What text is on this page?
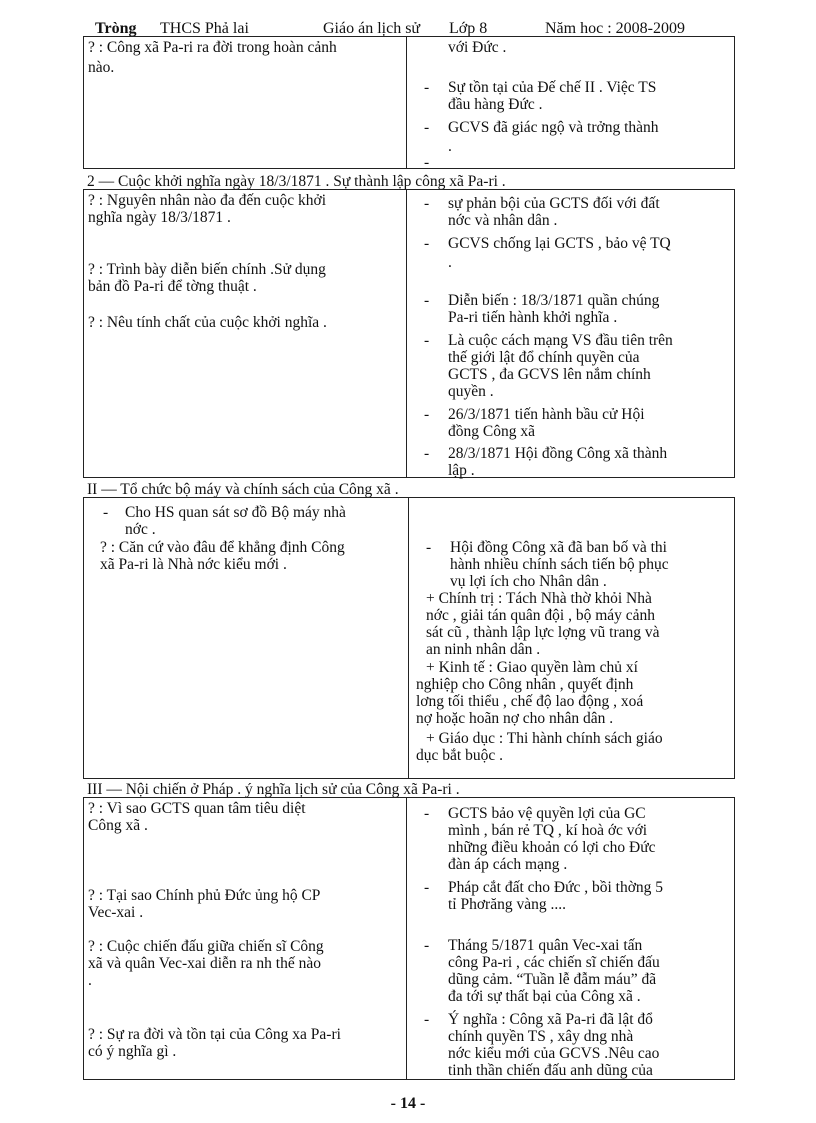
Tròng THCS Phả lai	Giáo án lịch sử Lớp 8	Năm hoc : 2008-2009
? : Công xã Pa-ri ra đời trong hoàn cảnh
nào.
với Đức .
- Sự tồn tại của Đế chế II . Việc TS
đầu hàng Đức .
- GCVS đã giác ngộ và trởng thành
.
-
2 — Cuộc khởi nghĩa ngày 18/3/1871 . Sự thành lập công xã Pa-ri .
? : Nguyên nhân nào đa đến cuộc khởi
nghĩa ngày 18/3/1871 .
? : Trình bày diễn biến chính .Sử dụng
bản đồ Pa-ri để tờng thuật .
? : Nêu tính chất của cuộc khởi nghĩa .
- sự phản bội của GCTS đối với đất
nớc và nhân dân .
- GCVS chống lại GCTS , bảo vệ TQ
.
- Diễn biến : 18/3/1871 quần chúng
Pa-ri tiến hành khởi nghĩa .
- Là cuộc cách mạng VS đầu tiên trên
thế giới lật đổ chính quyền của
GCTS , đa GCVS lên nắm chính
quyền .
- 26/3/1871 tiến hành bầu cử Hội
đồng Công xã
- 28/3/1871 Hội đồng Công xã thành
lập .
II — Tổ chức bộ máy và chính sách của Công xã .
- Cho HS quan sát sơ đồ Bộ máy nhà
nớc .
? : Căn cứ vào đâu để khẳng định Công
xã Pa-ri là Nhà nớc kiểu mới .
- Hội đồng Công xã đã ban bố và thi
hành nhiều chính sách tiến bộ phục
vụ lợi ích cho Nhân dân .
+ Chính trị : Tách Nhà thờ khỏi Nhà
nớc , giải tán quân đội , bộ máy cảnh
sát cũ , thành lập lực lợng vũ trang và
an ninh nhân dân .
+ Kinh tế : Giao quyền làm chủ xí
nghiệp cho Công nhân , quyết định
lơng tối thiểu , chế độ lao động , xoá
nợ hoặc hoãn nợ cho nhân dân .
+ Giáo dục : Thi hành chính sách giáo
dục bắt buộc .
III — Nội chiến ở Pháp . ý nghĩa lịch sử của Công xã Pa-ri .
? : Vì sao GCTS quan tâm tiêu diệt
Công xã .
? : Tại sao Chính phủ Đức ủng hộ CP
Vec-xai .
? : Cuộc chiến đấu giữa chiến sĩ Công
xã và quân Vec-xai diễn ra nh thế nào
.
? : Sự ra đời và tồn tại của Công xa Pa-ri
có ý nghĩa gì .
- GCTS bảo vệ quyền lợi của GC
mình , bán rẻ TQ , kí hoà ớc với
những điều khoản có lợi cho Đức
đàn áp cách mạng .
- Pháp cắt đất cho Đức , bồi thờng 5
tỉ Phơrăng vàng ....
- Tháng 5/1871 quân Vec-xai tấn
công Pa-ri , các chiến sĩ chiến đấu
dũng cảm. “Tuần lễ đẫm máu” đã
đa tới sự thất bại của Công xã .
- Ý nghĩa : Công xã Pa-ri đã lật đổ
chính quyền TS , xây dng nhà
nớc kiểu mới của GCVS .Nêu cao
tinh thần chiến đấu anh dũng của
- 14 -
